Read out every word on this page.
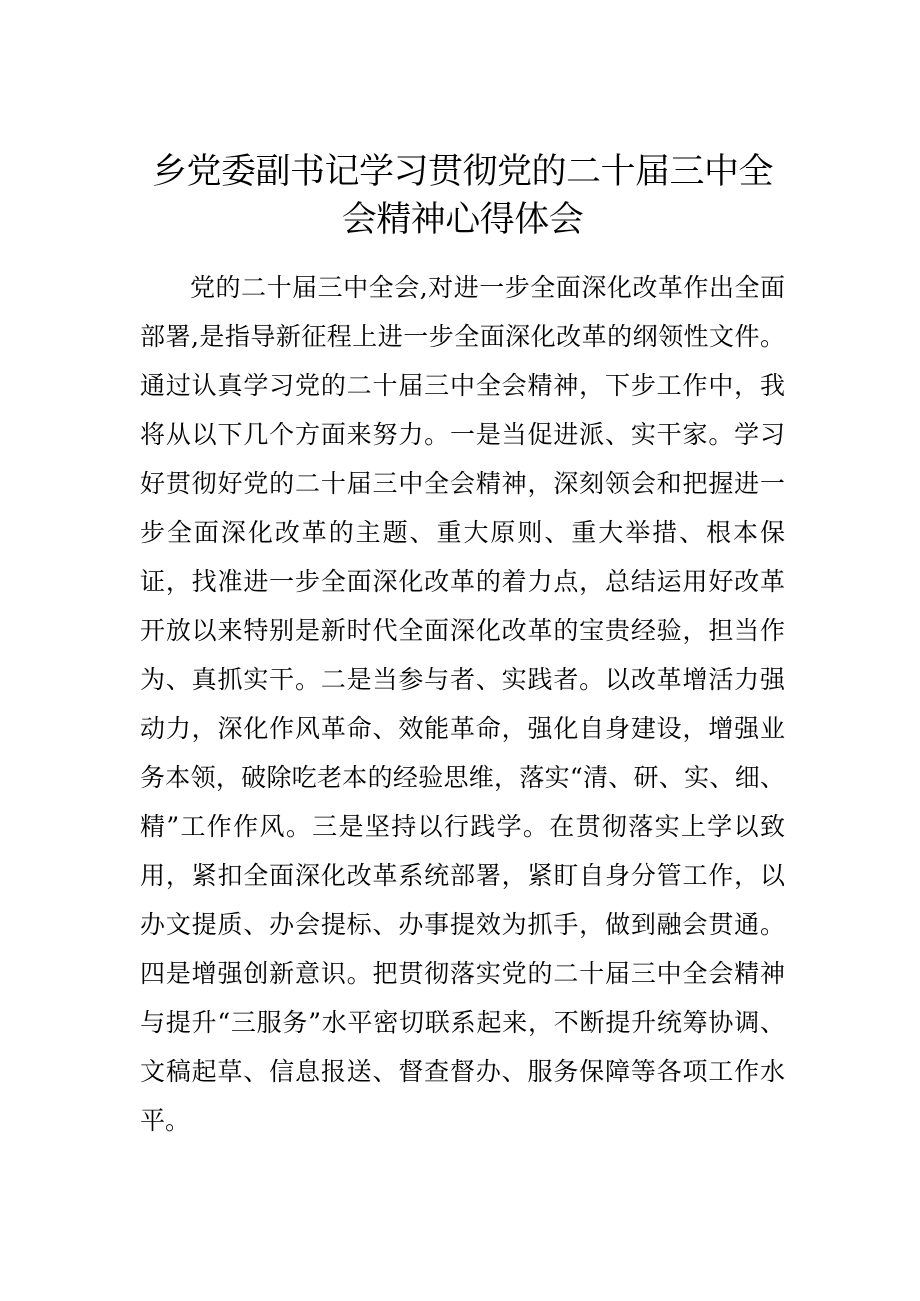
乡党委副书记学习贯彻党的二十届三中全
会精神心得体会

党的二十届三中全会,对进一步全面深化改革作出全面部署,是指导新征程上进一步全面深化改革的纲领性文件。通过认真学习党的二十届三中全会精神，下步工作中，我将从以下几个方面来努力。一是当促进派、实干家。学习好贯彻好党的二十届三中全会精神，深刻领会和把握进一步全面深化改革的主题、重大原则、重大举措、根本保证，找准进一步全面深化改革的着力点，总结运用好改革开放以来特别是新时代全面深化改革的宝贵经验，担当作为、真抓实干。二是当参与者、实践者。以改革增活力强动力，深化作风革命、效能革命，强化自身建设，增强业务本领，破除吃老本的经验思维，落实“清、研、实、细、精”工作作风。三是坚持以行践学。在贯彻落实上学以致用，紧扣全面深化改革系统部署，紧盯自身分管工作，以办文提质、办会提标、办事提效为抓手，做到融会贯通。四是增强创新意识。把贯彻落实党的二十届三中全会精神与提升“三服务”水平密切联系起来，不断提升统筹协调、文稿起草、信息报送、督查督办、服务保障等各项工作水平。
